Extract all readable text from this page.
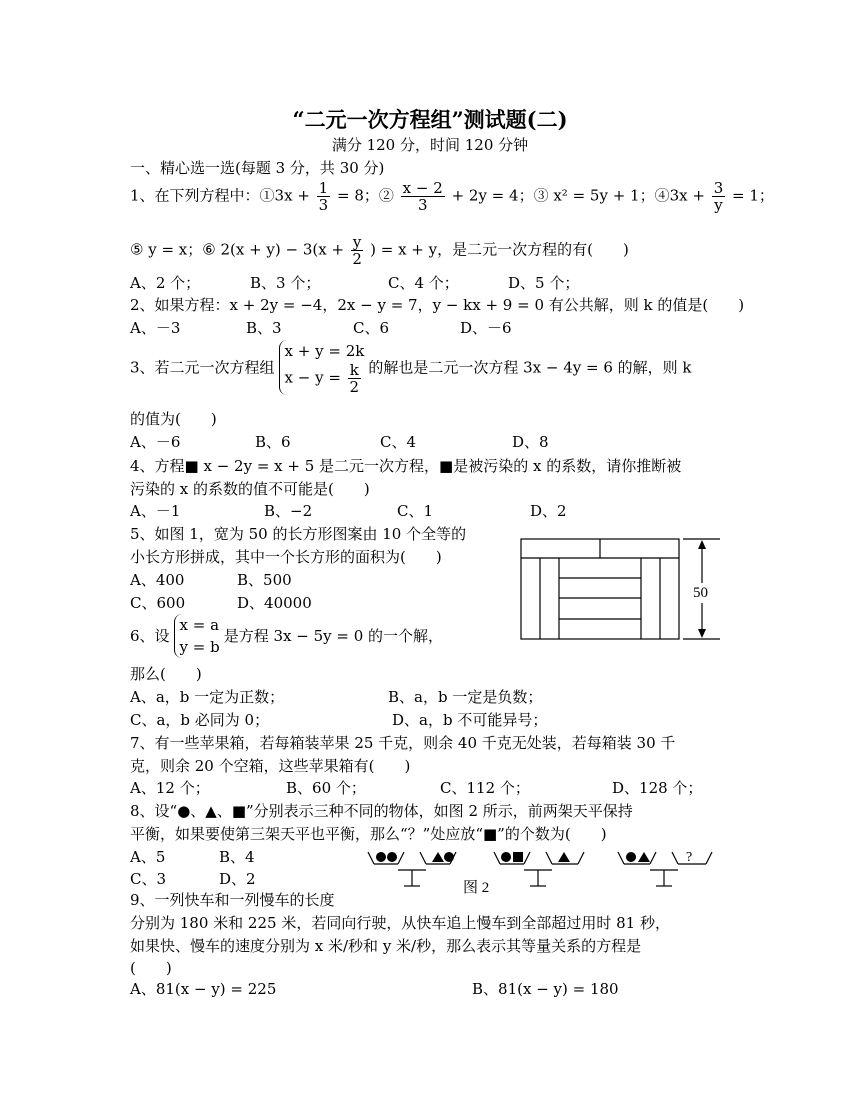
“二元一次方程组”测试题(二)
满分 120 分，时间 120 分钟
一、精心选一选(每题 3 分，共 30 分)
1、在下列方程中：①3x + $\frac{1}{3} = 8$；② $\frac{x - 2}{3} + 2y = 4$；③ x² = 5y + 1；④3x + $\frac{3}{y} = 1$；
⑤ y = x；⑥ $2(x + y) - 3(x + \frac{y}{2}$ ) = x + y，是二元一次方程的有(　　)
A、2 个；	B、3 个；	C、4 个；	D、5 个；
2、如果方程：x + 2y = −4，2x − y = 7，y − kx + 9 = 0 有公共解，则 k 的值是(　　)
A、－3	B、3	C、6	D、－6
3、若二元一次方程组
x + y = 2k
$x - y = \frac{k}{2}$ 的解也是二元一次方程 3x − 4y = 6 的解，则 k
的值为(　　)
A、－6	B、6	C、4	D、8
4、方程■ x − 2y = x + 5 是二元一次方程，■是被污染的 x 的系数，请你推断被
污染的 x 的系数的值不可能是(　　)
A、－1	B、−2	C、1	D、2
5、如图 1，宽为 50 的长方形图案由 10 个全等的
小长方形拼成，其中一个长方形的面积为(　　)
A、400	B、500
C、600	D、40000
50
6、设
x = a
y = b
是方程 3x − 5y = 0 的一个解，
那么(　　)
A、a，b 一定为正数；	B、a，b 一定是负数；
C、a，b 必同为 0；	D、a，b 不可能异号；
7、有一些苹果箱，若每箱装苹果 25 千克，则余 40 千克无处装，若每箱装 30 千
克，则余 20 个空箱，这些苹果箱有(　　)
A、12 个；	B、60 个；	C、112 个；	D、128 个；
8、设“●、▲、■”分别表示三种不同的物体，如图 2 所示，前两架天平保持
平衡，如果要使第三架天平也平衡，那么“？”处应放“■”的个数为(　　)
A、5	B、4
C、3	D、2
?
图 2
9、一列快车和一列慢车的长度
分别为 180 米和 225 米，若同向行驶，从快车追上慢车到全部超过用时 81 秒，
如果快、慢车的速度分别为 x 米/秒和 y 米/秒，那么表示其等量关系的方程是
(　　)
A、81(x − y) = 225	B、81(x − y) = 180
